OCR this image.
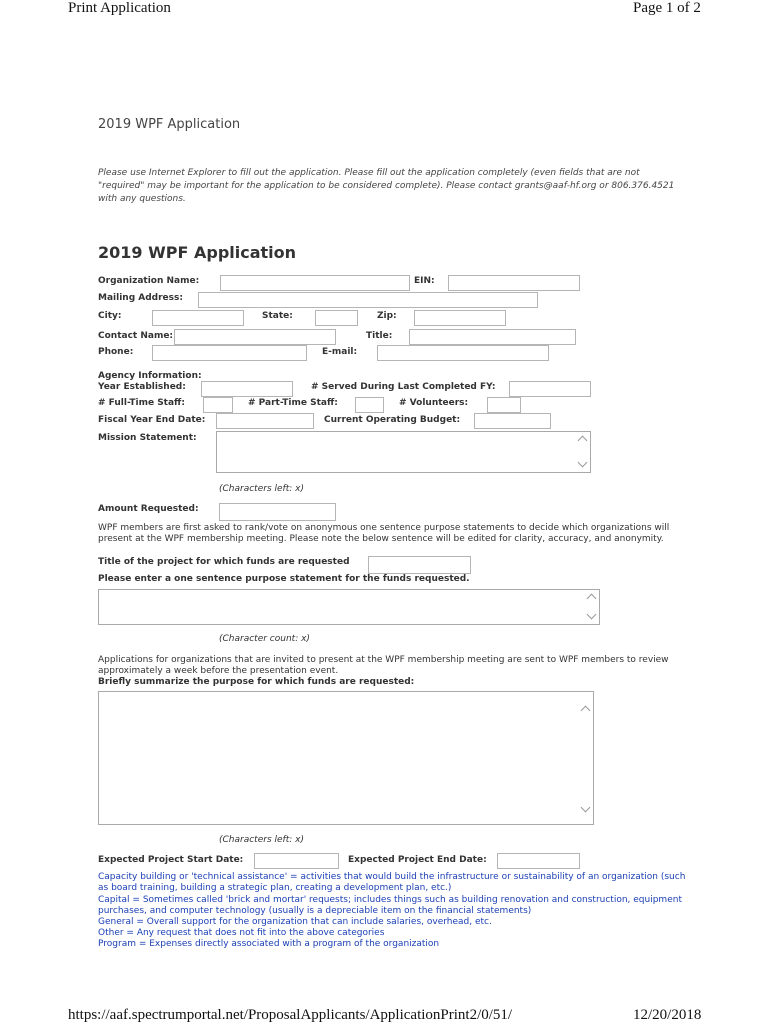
Print Application	Page 1 of 2
2019 WPF Application
Please use Internet Explorer to fill out the application. Please fill out the application completely (even fields that are not "required" may be important for the application to be considered complete). Please contact grants@aaf-hf.org or 806.376.4521 with any questions.
2019 WPF Application
Organization Name:	EIN:
Mailing Address:
City:	State:	Zip:
Contact Name:	Title:
Phone:	E-mail:
Agency Information:
Year Established:	# Served During Last Completed FY:
# Full-Time Staff:	# Part-Time Staff:	# Volunteers:
Fiscal Year End Date:	Current Operating Budget:
Mission Statement:
(Characters left: x)
Amount Requested:
WPF members are first asked to rank/vote on anonymous one sentence purpose statements to decide which organizations will present at the WPF membership meeting. Please note the below sentence will be edited for clarity, accuracy, and anonymity.
Title of the project for which funds are requested
Please enter a one sentence purpose statement for the funds requested.
(Character count: x)
Applications for organizations that are invited to present at the WPF membership meeting are sent to WPF members to review approximately a week before the presentation event.
Briefly summarize the purpose for which funds are requested:
(Characters left: x)
Expected Project Start Date:	Expected Project End Date:
Capacity building or 'technical assistance' = activities that would build the infrastructure or sustainability of an organization (such as board training, building a strategic plan, creating a development plan, etc.)
Capital = Sometimes called 'brick and mortar' requests; includes things such as building renovation and construction, equipment purchases, and computer technology (usually is a depreciable item on the financial statements)
General = Overall support for the organization that can include salaries, overhead, etc.
Other = Any request that does not fit into the above categories
Program = Expenses directly associated with a program of the organization
https://aaf.spectrumportal.net/ProposalApplicants/ApplicationPrint2/0/51/	12/20/2018
